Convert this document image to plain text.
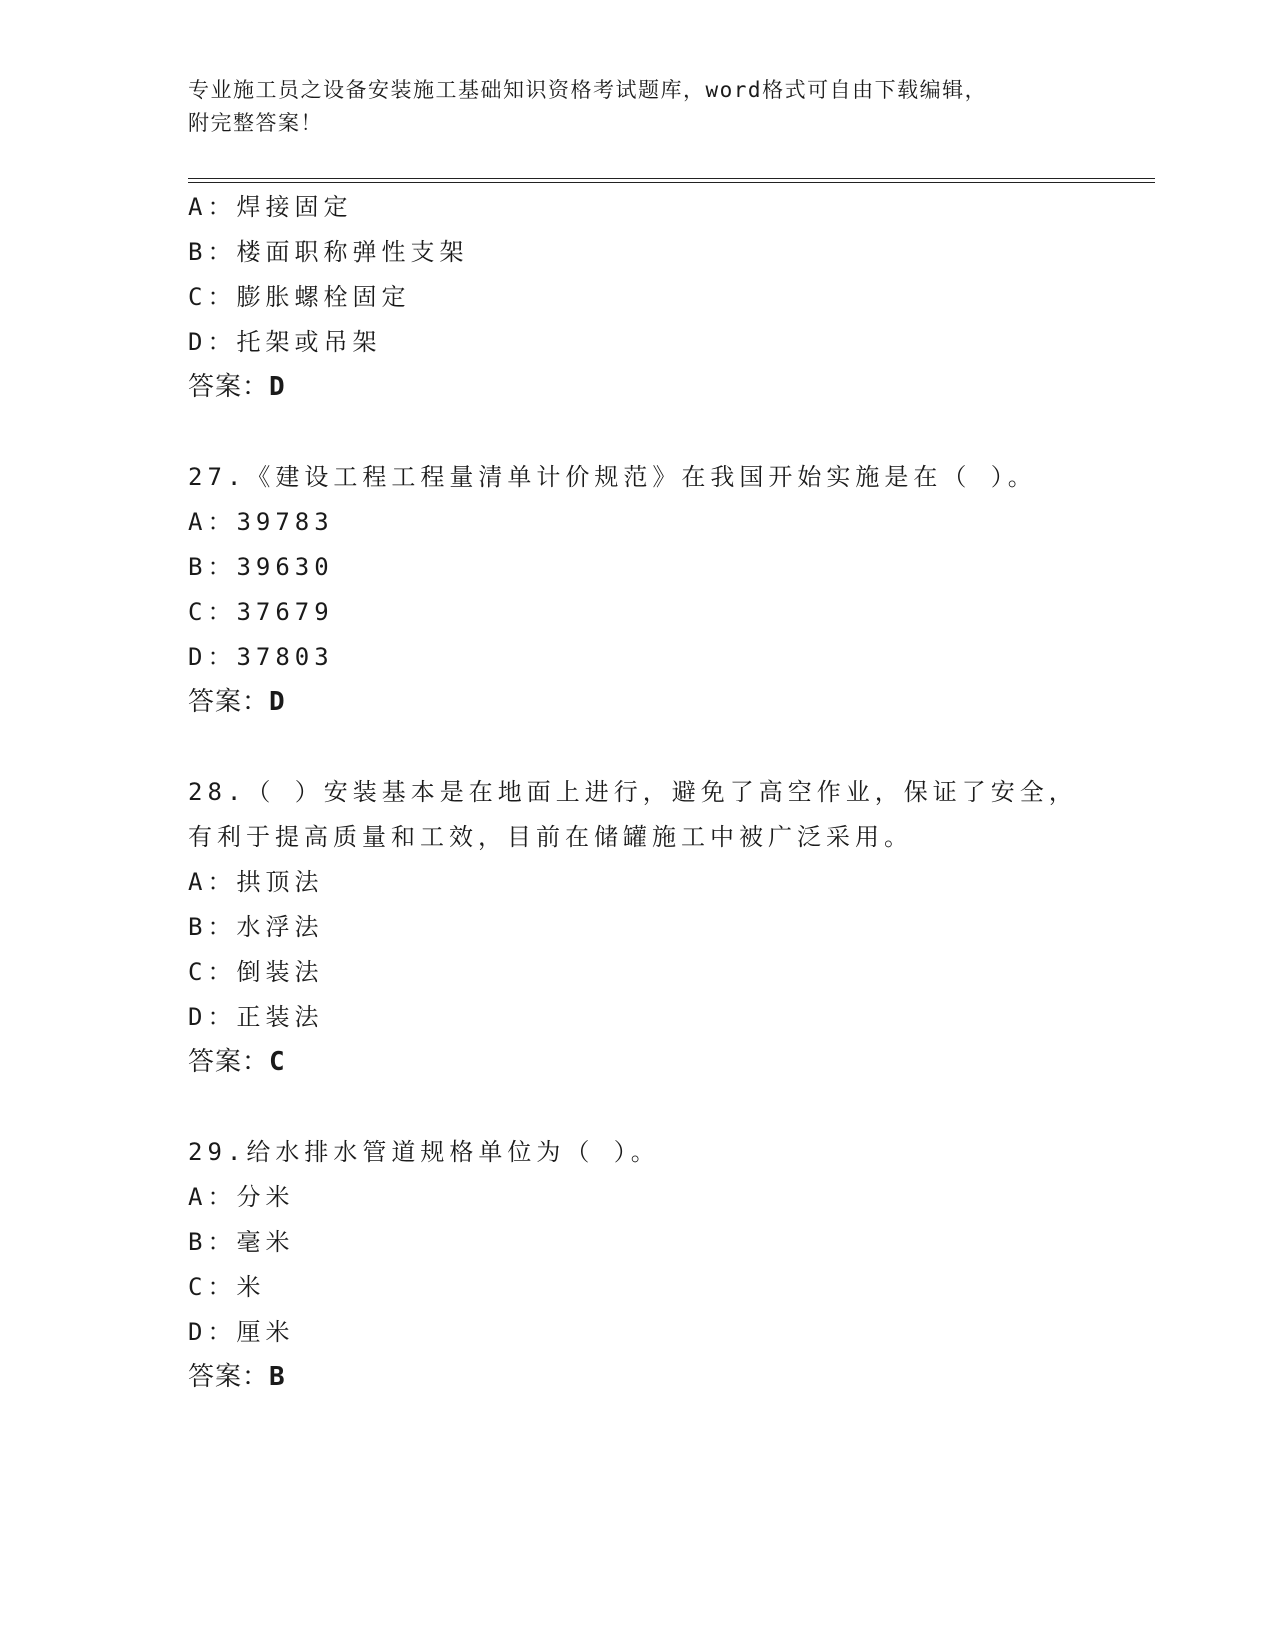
专业施工员之设备安装施工基础知识资格考试题库，word格式可自由下载编辑，
附完整答案！
A：焊接固定
B：楼面职称弹性支架
C：膨胀螺栓固定
D：托架或吊架
答案：D
27.《建设工程工程量清单计价规范》在我国开始实施是在（ ）。
A：39783
B：39630
C：37679
D：37803
答案：D
28.（ ）安装基本是在地面上进行，避免了高空作业，保证了安全，
有利于提高质量和工效，目前在储罐施工中被广泛采用。
A：拱顶法
B：水浮法
C：倒装法
D：正装法
答案：C
29.给水排水管道规格单位为（ ）。
A：分米
B：毫米
C：米
D：厘米
答案：B
